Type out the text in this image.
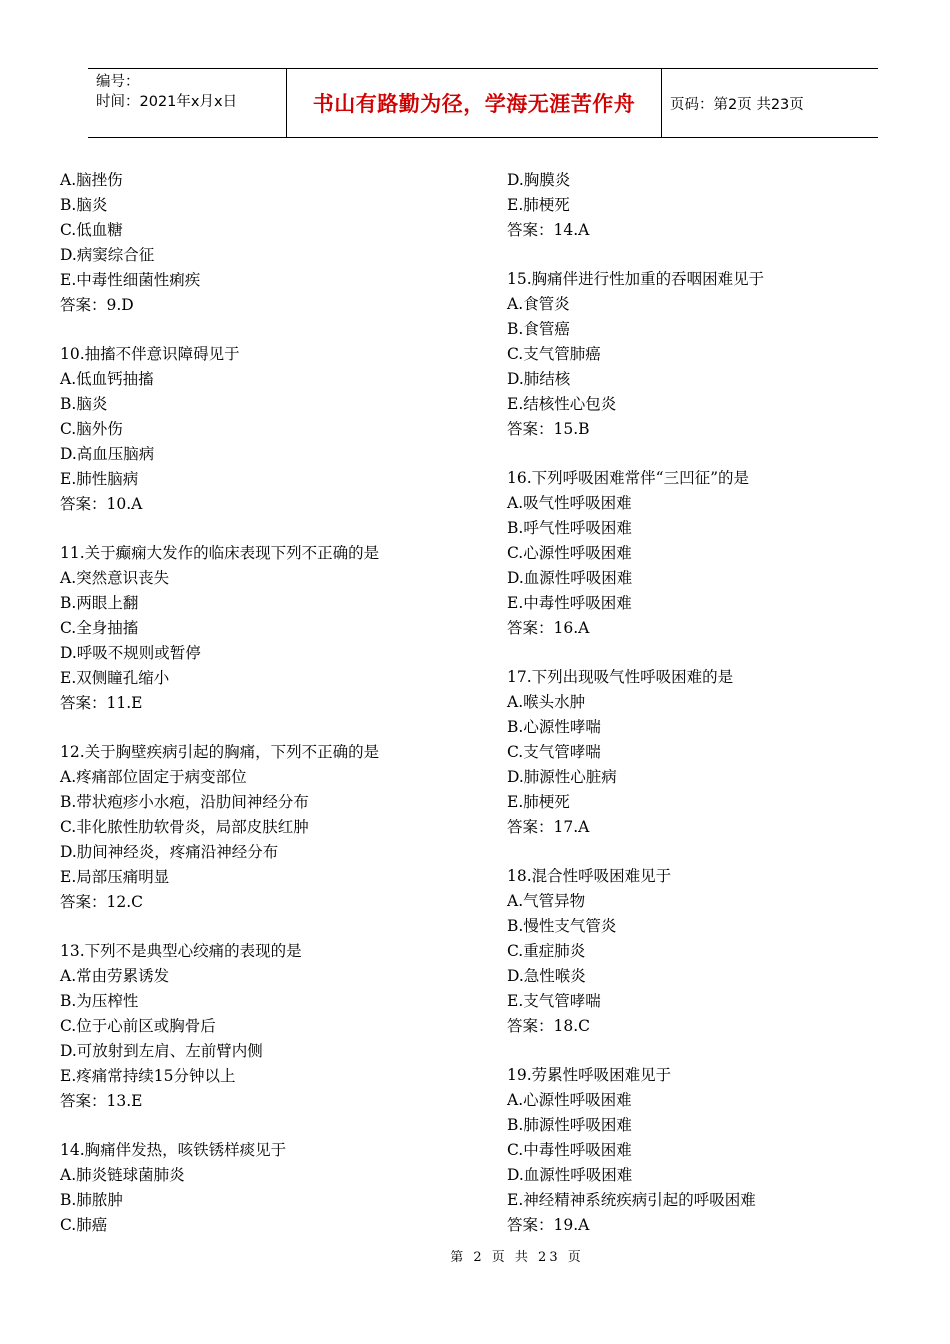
编号：
时间：2021年x月x日	书山有路勤为径，学海无涯苦作舟	页码：第2页 共23页
A.脑挫伤
B.脑炎
C.低血糖
D.病窦综合征
E.中毒性细菌性痢疾
答案：9.D
10.抽搐不伴意识障碍见于
A.低血钙抽搐
B.脑炎
C.脑外伤
D.高血压脑病
E.肺性脑病
答案：10.A
11.关于癫痫大发作的临床表现下列不正确的是
A.突然意识丧失
B.两眼上翻
C.全身抽搐
D.呼吸不规则或暂停
E.双侧瞳孔缩小
答案：11.E
12.关于胸壁疾病引起的胸痛，下列不正确的是
A.疼痛部位固定于病变部位
B.带状疱疹小水疱，沿肋间神经分布
C.非化脓性肋软骨炎，局部皮肤红肿
D.肋间神经炎，疼痛沿神经分布
E.局部压痛明显
答案：12.C
13.下列不是典型心绞痛的表现的是
A.常由劳累诱发
B.为压榨性
C.位于心前区或胸骨后
D.可放射到左肩、左前臂内侧
E.疼痛常持续15分钟以上
答案：13.E
14.胸痛伴发热，咳铁锈样痰见于
A.肺炎链球菌肺炎
B.肺脓肿
C.肺癌
D.胸膜炎
E.肺梗死
答案：14.A
15.胸痛伴进行性加重的吞咽困难见于
A.食管炎
B.食管癌
C.支气管肺癌
D.肺结核
E.结核性心包炎
答案：15.B
16.下列呼吸困难常伴“三凹征”的是
A.吸气性呼吸困难
B.呼气性呼吸困难
C.心源性呼吸困难
D.血源性呼吸困难
E.中毒性呼吸困难
答案：16.A
17.下列出现吸气性呼吸困难的是
A.喉头水肿
B.心源性哮喘
C.支气管哮喘
D.肺源性心脏病
E.肺梗死
答案：17.A
18.混合性呼吸困难见于
A.气管异物
B.慢性支气管炎
C.重症肺炎
D.急性喉炎
E.支气管哮喘
答案：18.C
19.劳累性呼吸困难见于
A.心源性呼吸困难
B.肺源性呼吸困难
C.中毒性呼吸困难
D.血源性呼吸困难
E.神经精神系统疾病引起的呼吸困难
答案：19.A
第 2 页 共 23 页
